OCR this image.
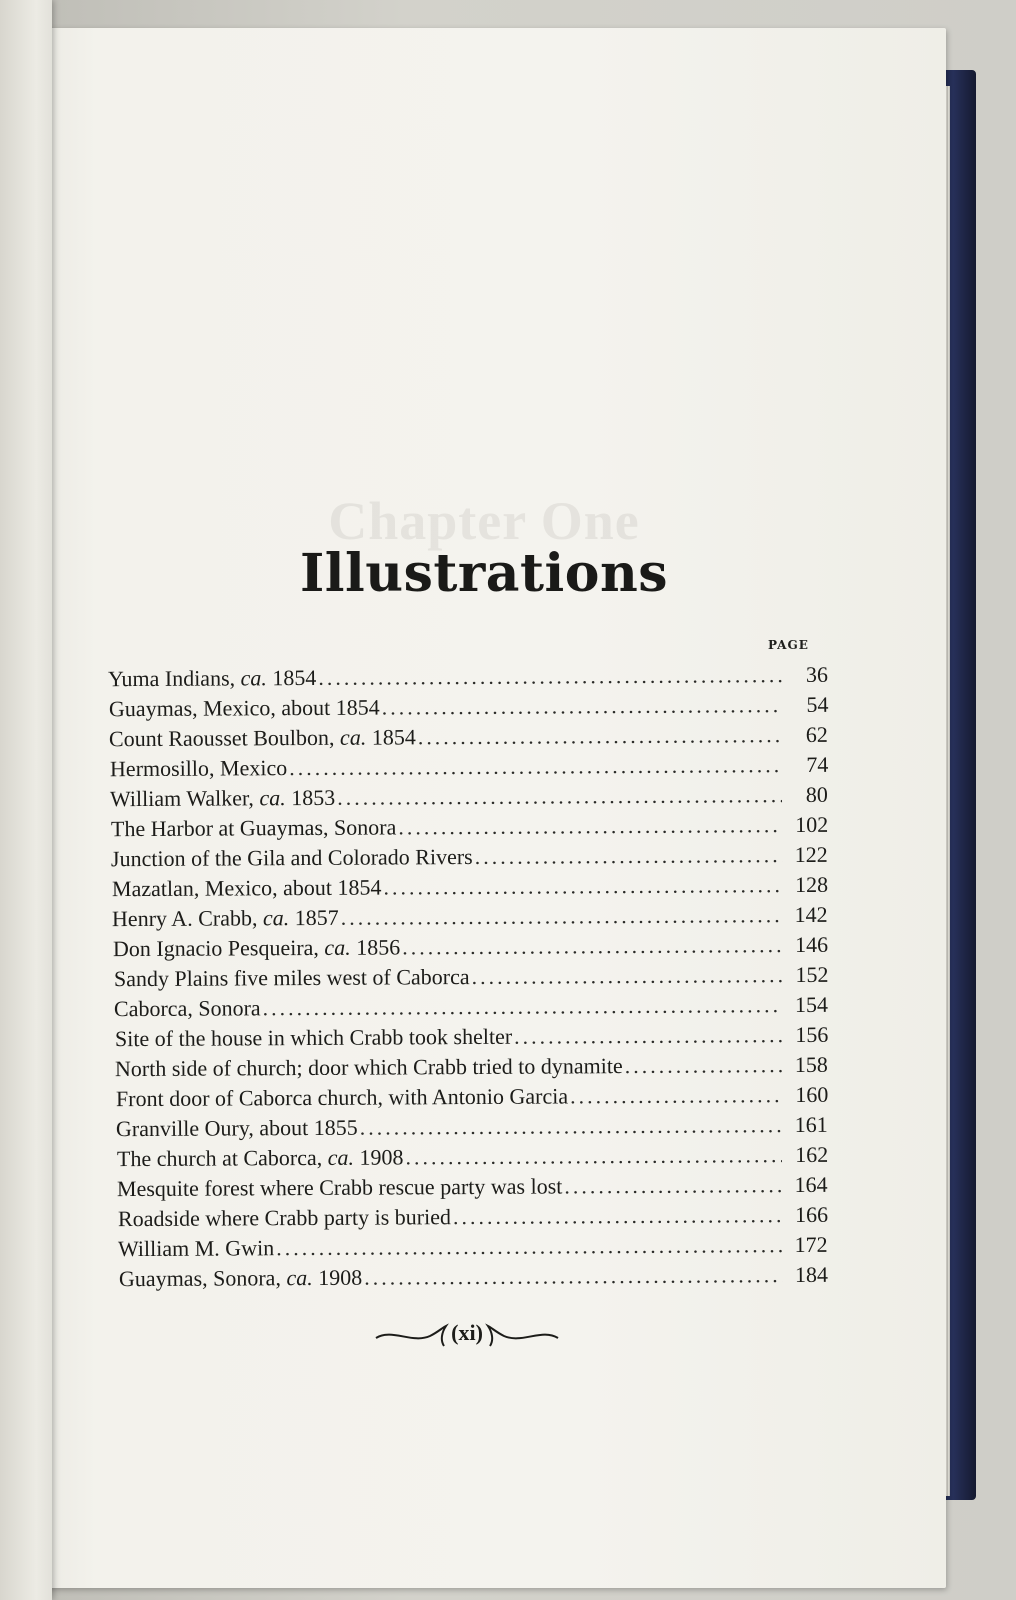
Chapter One
Illustrations
PAGE
Yuma Indians, ca. 1854 .....	36
Guaymas, Mexico, about 1854 .....	54
Count Raousset Boulbon, ca. 1854 .....	62
Hermosillo, Mexico .....	74
William Walker, ca. 1853 .....	80
The Harbor at Guaymas, Sonora .....	102
Junction of the Gila and Colorado Rivers .....	122
Mazatlan, Mexico, about 1854 .....	128
Henry A. Crabb, ca. 1857 .....	142
Don Ignacio Pesqueira, ca. 1856 .....	146
Sandy Plains five miles west of Caborca .....	152
Caborca, Sonora .....	154
Site of the house in which Crabb took shelter .....	156
North side of church; door which Crabb tried to dynamite .....	158
Front door of Caborca church, with Antonio Garcia .....	160
Granville Oury, about 1855 .....	161
The church at Caborca, ca. 1908 .....	162
Mesquite forest where Crabb rescue party was lost .....	164
Roadside where Crabb party is buried .....	166
William M. Gwin .....	172
Guaymas, Sonora, ca. 1908 .....	184
(xi)
